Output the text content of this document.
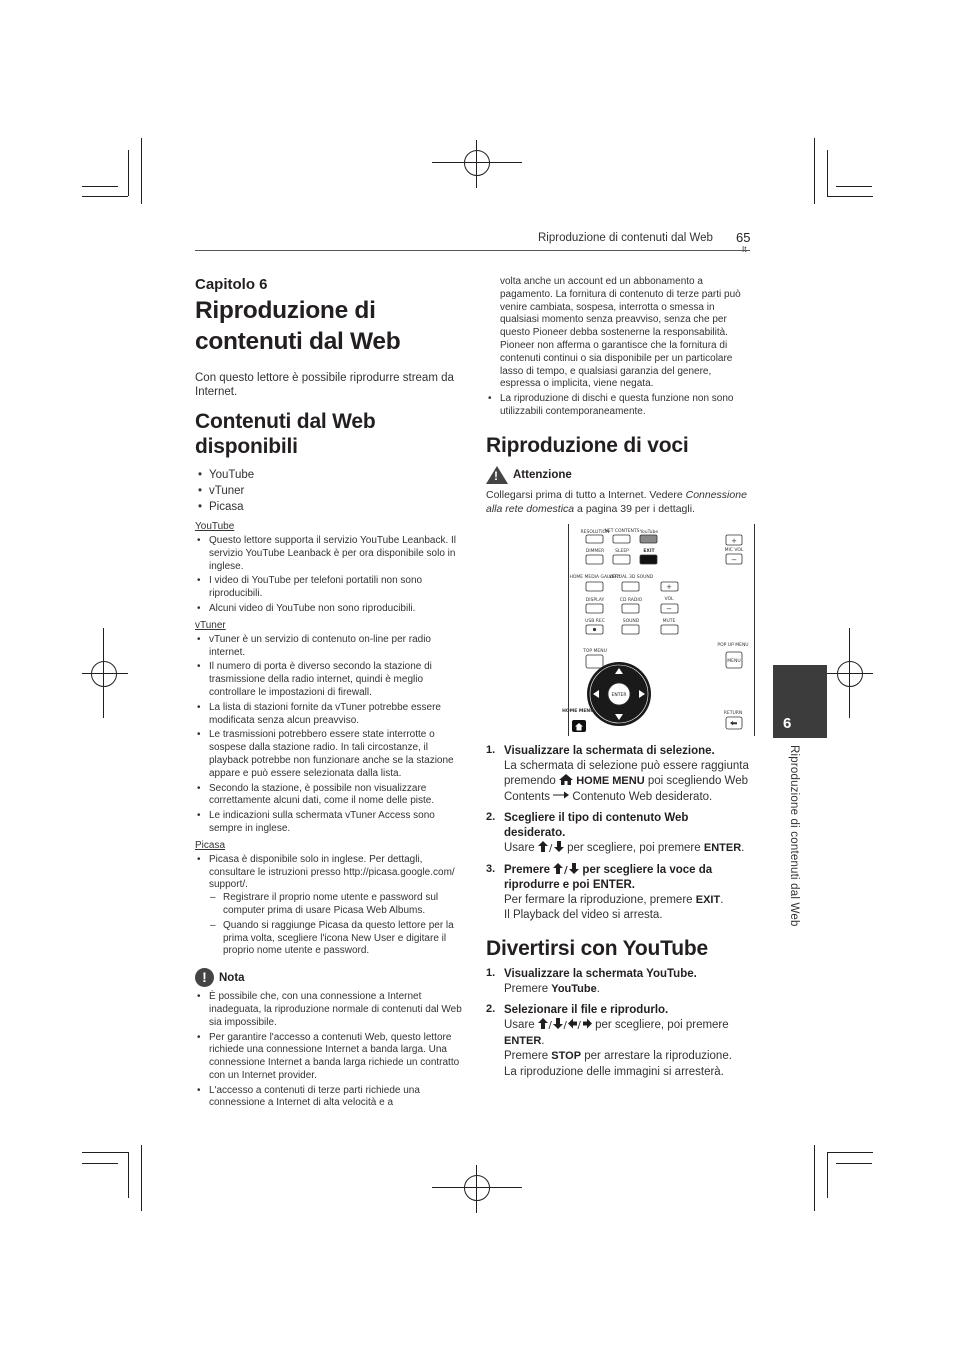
Riproduzione di contenuti dal Web 65
Capitolo 6
Riproduzione di
contenuti dal Web

Con questo lettore è possibile riprodurre stream da Internet.

Contenuti dal Web
disponibili
• YouTube
• vTuner
• Picasa
YouTube
• Questo lettore supporta il servizio YouTube Leanback. Il servizio YouTube Leanback è per ora disponibile solo in inglese.
• I video di YouTube per telefoni portatili non sono riproducibili.
• Alcuni video di YouTube non sono riproducibili.
vTuner
• vTuner è un servizio di contenuto on-line per radio internet.
• Il numero di porta è diverso secondo la stazione di trasmissione della radio internet, quindi è meglio controllare le impostazioni di firewall.
• La lista di stazioni fornite da vTuner potrebbe essere modificata senza alcun preavviso.
• Le trasmissioni potrebbero essere state interrotte o sospese dalla stazione radio. In tali circostanze, il playback potrebbe non funzionare anche se la stazione appare e può essere selezionata dalla lista.
• Secondo la stazione, è possibile non visualizzare correttamente alcuni dati, come il nome delle piste.
• Le indicazioni sulla schermata vTuner Access sono sempre in inglese.
Picasa
• Picasa è disponibile solo in inglese. Per dettagli, consultare le istruzioni presso http://picasa.google.com/ support/.
– Registrare il proprio nome utente e password sul computer prima di usare Picasa Web Albums.
– Quando si raggiunge Picasa da questo lettore per la prima volta, scegliere l'icona New User e digitare il proprio nome utente e password.
!	Nota
• È possibile che, con una connessione a Internet inadeguata, la riproduzione normale di contenuti dal Web sia impossibile.
• Per garantire l'accesso a contenuti Web, questo lettore richiede una connessione Internet a banda larga. Una connessione Internet a banda larga richiede un contratto con un Internet provider.
• L'accesso a contenuti di terze parti richiede una connessione a Internet di alta velocità e a

volta anche un account ed un abbonamento a pagamento. La fornitura di contenuto di terze parti può venire cambiata, sospesa, interrotta o smessa in qualsiasi momento senza preavviso, senza che per questo Pioneer debba sostenerne la responsabilità. Pioneer non afferma o garantisce che la fornitura di contenuti continui o sia disponibile per un particolare lasso di tempo, e qualsiasi garanzia del genere, espressa o implicita, viene negata.

• La riproduzione di dischi e questa funzione non sono utilizzabili contemporaneamente.
Riproduzione di voci
! Attenzione

Collegarsi prima di tutto a Internet. Vedere Connessione alla rete domestica a pagina 39 per i dettagli.

RESOLUTION
NET CONTENTS YouTube
+
DIMMER SLEEP	EXIT	MIC VOL
−
HOME MEDIA GALLERY
VIRTUAL 3D SOUND
+
DISPLAY	CD RADIO	VOL
−
USB REC	SOUND	MUTE
TOP MENU
POP UP MENU
MENU
ENTER
HOME MENU	RETURN
1. Visualizzare la schermata di selezione.
La schermata di selezione può essere raggiunta premendo  HOME MENU poi scegliendo Web Contents  Contenuto Web desiderato.
2. Scegliere il tipo di contenuto Web
desiderato.
Usare / per scegliere, poi premere ENTER.
3. Premere / per scegliere la voce da riprodurre e poi ENTER.
Per fermare la riproduzione, premere EXIT.
Il Playback del video si arresta.
Divertirsi con YouTube
1. Visualizzare la schermata YouTube.
Premere YouTube.
2. Selezionare il file e riprodurlo.
Usare / / / per scegliere, poi premere ENTER.
Premere STOP per arrestare la riproduzione.
La riproduzione delle immagini si arresterà.
6
Riproduzione di contenuti dal Web
